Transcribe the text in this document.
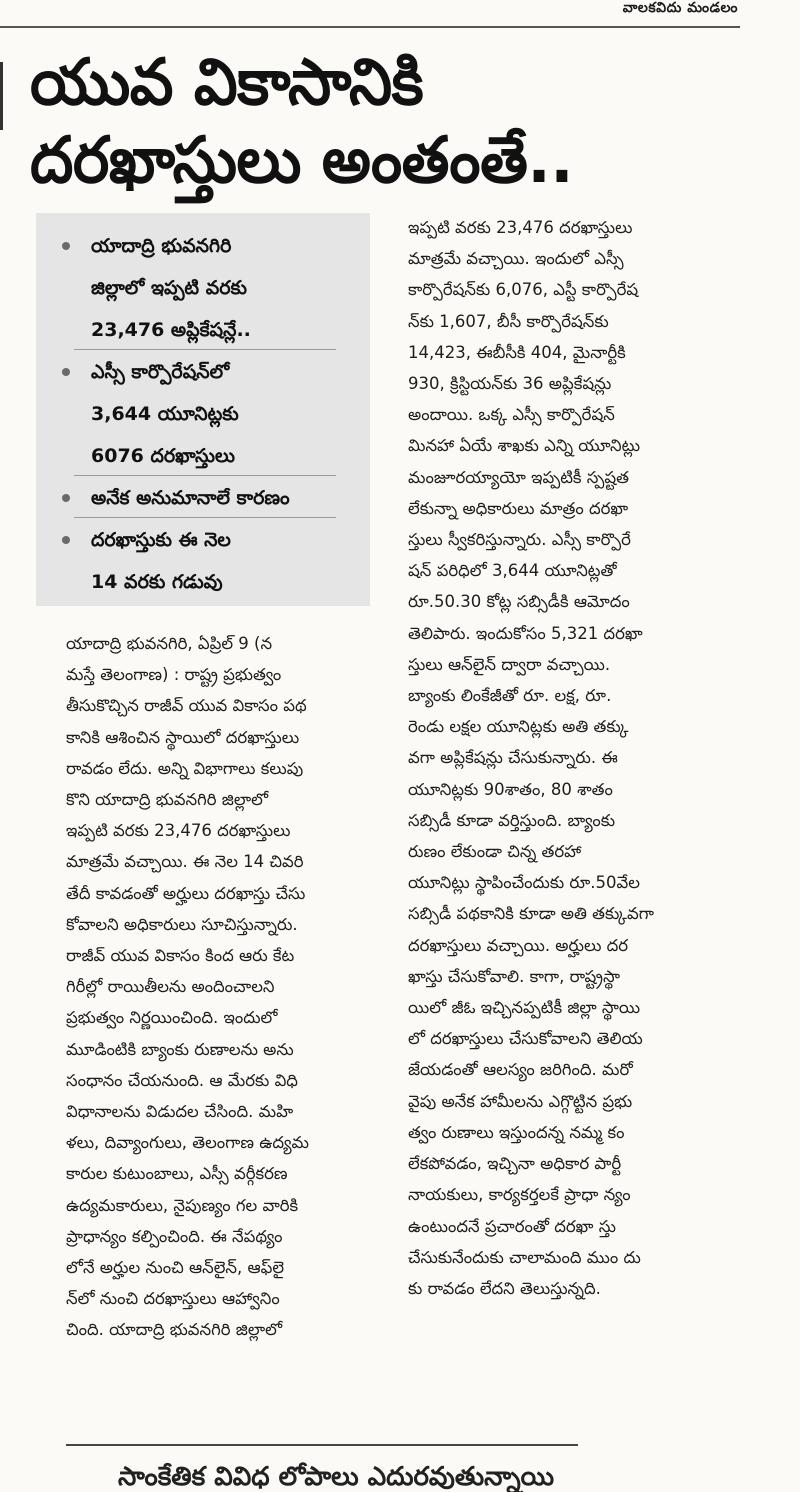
వాలకవిదు మండలం
యువ వికాసానికి
దరఖాస్తులు అంతంతే..
యాదాద్రి భువనగిరి
జిల్లాలో ఇప్పటి వరకు
23,476 అప్లికేషన్లే..
ఎస్సీ కార్పొరేషన్‌లో
3,644 యూనిట్లకు
6076 దరఖాస్తులు
అనేక అనుమానాలే కారణం
దరఖాస్తుకు ఈ నెల
14 వరకు గడువు
యాదాద్రి భువనగిరి, ఏప్రిల్ 9 (న
మస్తే తెలంగాణ) : రాష్ట్ర ప్రభుత్వం
తీసుకొచ్చిన రాజీవ్ యువ వికాసం పథ
కానికి ఆశించిన స్థాయిలో దరఖాస్తులు
రావడం లేదు. అన్ని విభాగాలు కలుపు
కొని యాదాద్రి భువనగిరి జిల్లాలో
ఇప్పటి వరకు 23,476 దరఖాస్తులు
మాత్రమే వచ్చాయి. ఈ నెల 14 చివరి
తేదీ కావడంతో అర్హులు దరఖాస్తు చేసు
కోవాలని అధికారులు సూచిస్తున్నారు.
రాజీవ్ యువ వికాసం కింద ఆరు కేట
గిరీల్లో రాయితీలను అందించాలని
ప్రభుత్వం నిర్ణయించింది. ఇందులో
మూడింటికి బ్యాంకు రుణాలను అను
సంధానం చేయనుంది. ఆ మేరకు విధి
విధానాలను విడుదల చేసింది. మహి
ళలు, దివ్యాంగులు, తెలంగాణ ఉద్యమ
కారుల కుటుంబాలు, ఎస్సీ వర్గీకరణ
ఉద్యమకారులు, నైపుణ్యం గల వారికి
ప్రాధాన్యం కల్పించింది. ఈ నేపథ్యం
లోనే అర్హుల నుంచి ఆన్‌లైన్, ఆఫ్‌లై
న్‌లో నుంచి దరఖాస్తులు ఆహ్వానిం
చింది. యాదాద్రి భువనగిరి జిల్లాలో
ఇప్పటి వరకు 23,476 దరఖాస్తులు
మాత్రమే వచ్చాయి. ఇందులో ఎస్సీ
కార్పొరేషన్‌కు 6,076, ఎస్టీ కార్పొరేష
న్‌కు 1,607, బీసీ కార్పొరేషన్‌కు
14,423, ఈబీసీకి 404, మైనార్టీకి
930, క్రిస్టియన్‌కు 36 అప్లికేషన్లు
అందాయి. ఒక్క ఎస్సీ కార్పొరేషన్
మినహా ఏయే శాఖకు ఎన్ని యూనిట్లు
మంజూరయ్యాయో ఇప్పటికీ స్పష్టత
లేకున్నా అధికారులు మాత్రం దరఖా
స్తులు స్వీకరిస్తున్నారు. ఎస్సీ కార్పొరే
షన్ పరిధిలో 3,644 యూనిట్లతో
రూ.50.30 కోట్ల సబ్సిడీకి ఆమోదం
తెలిపారు. ఇందుకోసం 5,321 దరఖా
స్తులు ఆన్‌లైన్ ద్వారా వచ్చాయి.
బ్యాంకు లింకేజీతో రూ. లక్ష, రూ.
రెండు లక్షల యూనిట్లకు అతి తక్కు
వగా అప్లికేషన్లు చేసుకున్నారు. ఈ
యూనిట్లకు 90శాతం, 80 శాతం
సబ్సిడీ కూడా వర్తిస్తుంది. బ్యాంకు
రుణం లేకుండా చిన్న తరహా
యూనిట్లు స్థాపించేందుకు రూ.50వేల
సబ్సిడీ పథకానికి కూడా అతి తక్కువగా
దరఖాస్తులు వచ్చాయి. అర్హులు దర
ఖాస్తు చేసుకోవాలి. కాగా, రాష్ట్రస్థా
యిలో జీఓ ఇచ్చినప్పటికీ జిల్లా స్థాయి
లో దరఖాస్తులు చేసుకోవాలని తెలియ
జేయడంతో ఆలస్యం జరిగింది. మరో
వైపు అనేక హామీలను ఎగ్గొట్టిన ప్రభు
త్వం రుణాలు ఇస్తుందన్న నమ్మ కం
లేకపోవడం, ఇచ్చినా అధికార పార్టీ
నాయకులు, కార్యకర్తలకే ప్రాధా న్యం
ఉంటుందనే ప్రచారంతో దరఖా స్తు
చేసుకునేందుకు చాలామంది ముం దు
కు రావడం లేదని తెలుస్తున్నది.
సాంకేతిక వివిధ లోపాలు ఎదురవుతున్నాయి
